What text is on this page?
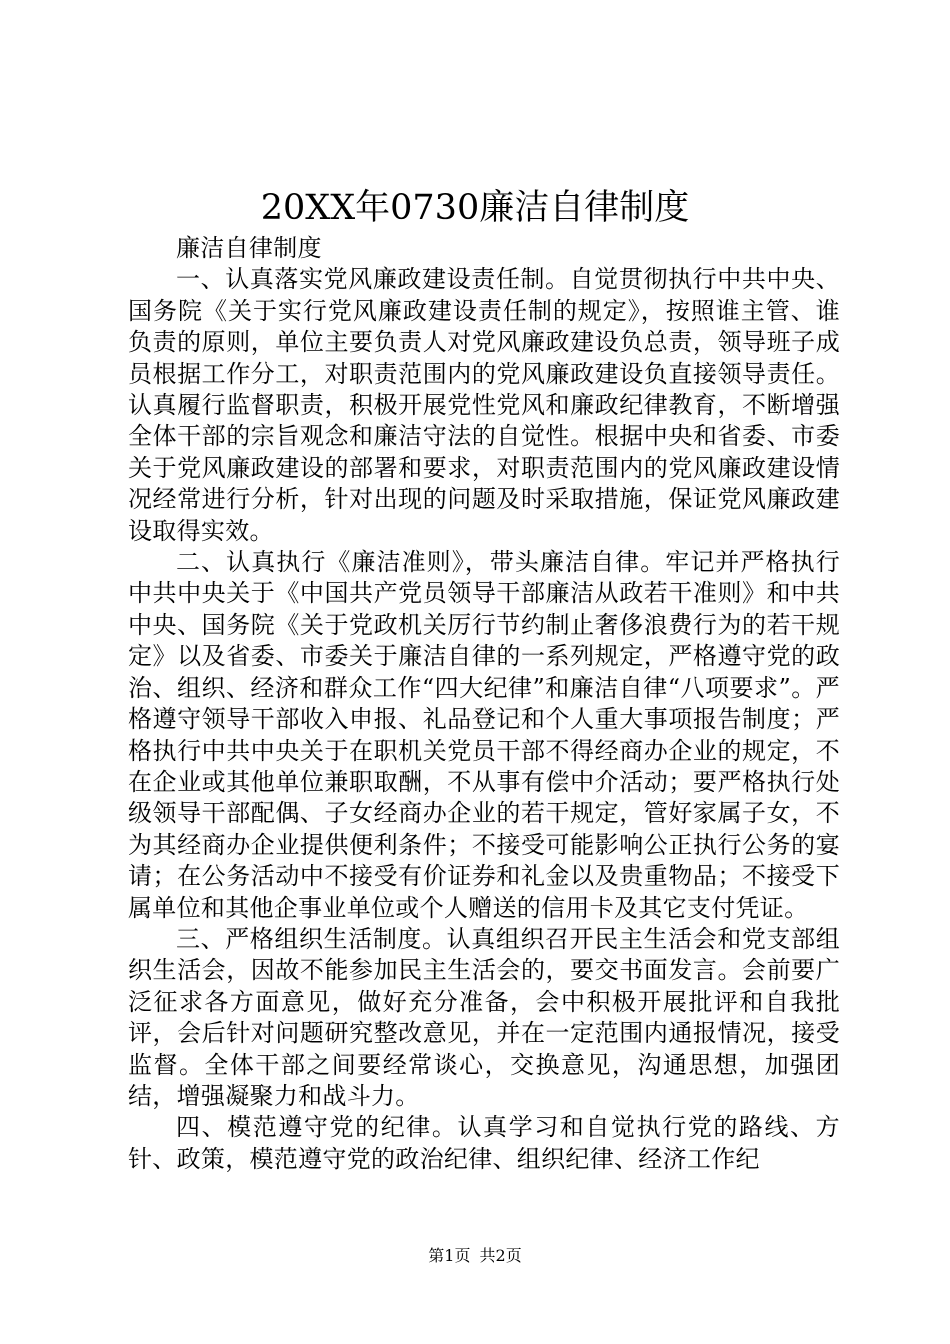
20XX年0730廉洁自律制度

廉洁自律制度

一、认真落实党风廉政建设责任制。自觉贯彻执行中共中央、国务院《关于实行党风廉政建设责任制的规定》，按照谁主管、谁负责的原则，单位主要负责人对党风廉政建设负总责，领导班子成员根据工作分工，对职责范围内的党风廉政建设负直接领导责任。认真履行监督职责，积极开展党性党风和廉政纪律教育，不断增强全体干部的宗旨观念和廉洁守法的自觉性。根据中央和省委、市委关于党风廉政建设的部署和要求，对职责范围内的党风廉政建设情况经常进行分析，针对出现的问题及时采取措施，保证党风廉政建设取得实效。

二、认真执行《廉洁准则》，带头廉洁自律。牢记并严格执行中共中央关于《中国共产党员领导干部廉洁从政若干准则》和中共中央、国务院《关于党政机关厉行节约制止奢侈浪费行为的若干规定》以及省委、市委关于廉洁自律的一系列规定，严格遵守党的政治、组织、经济和群众工作“四大纪律”和廉洁自律“八项要求”。严格遵守领导干部收入申报、礼品登记和个人重大事项报告制度；严格执行中共中央关于在职机关党员干部不得经商办企业的规定，不在企业或其他单位兼职取酬，不从事有偿中介活动；要严格执行处级领导干部配偶、子女经商办企业的若干规定，管好家属子女，不为其经商办企业提供便利条件；不接受可能影响公正执行公务的宴请；在公务活动中不接受有价证券和礼金以及贵重物品；不接受下属单位和其他企事业单位或个人赠送的信用卡及其它支付凭证。

三、严格组织生活制度。认真组织召开民主生活会和党支部组织生活会，因故不能参加民主生活会的，要交书面发言。会前要广泛征求各方面意见，做好充分准备，会中积极开展批评和自我批评，会后针对问题研究整改意见，并在一定范围内通报情况，接受监督。全体干部之间要经常谈心，交换意见，沟通思想，加强团结，增强凝聚力和战斗力。

四、模范遵守党的纪律。认真学习和自觉执行党的路线、方针、政策，模范遵守党的政治纪律、组织纪律、经济工作纪

第1页 共2页
